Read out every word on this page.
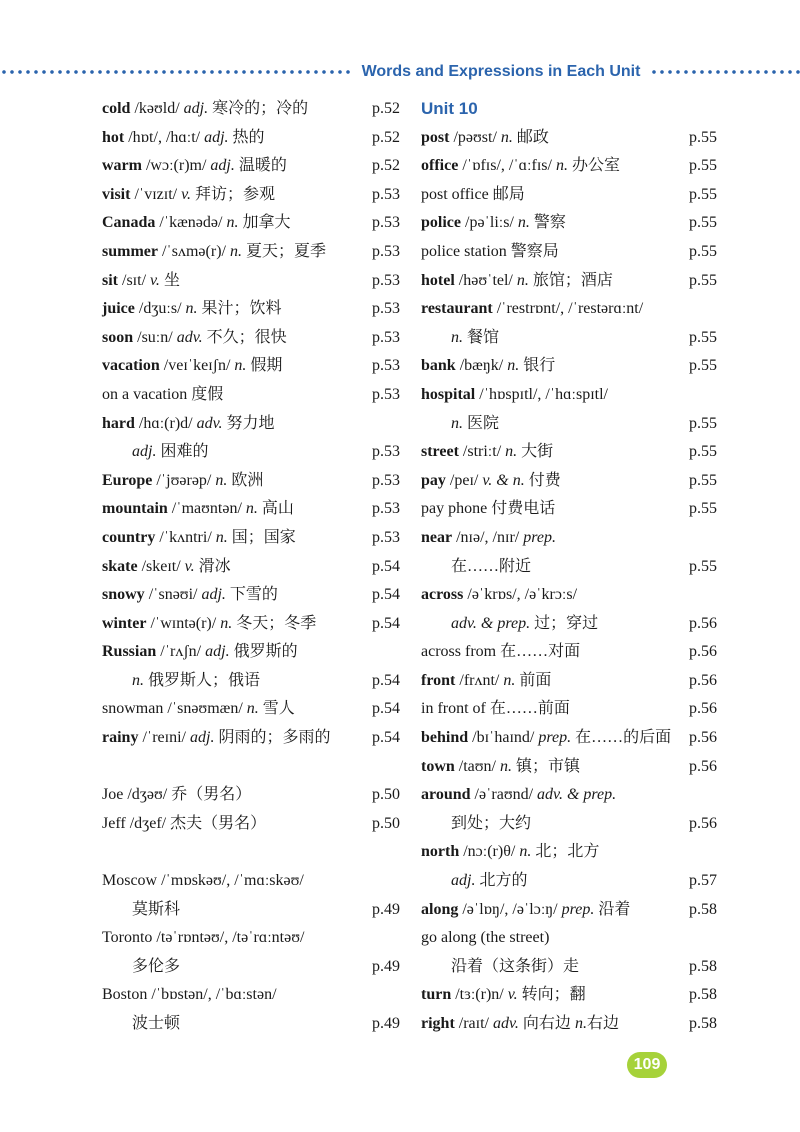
Words and Expressions in Each Unit
cold /kəʊld/ adj. 寒冷的；冷的	p.52
hot /hɒt/, /hɑːt/ adj. 热的	p.52
warm /wɔː(r)m/ adj. 温暖的	p.52
visit /ˈvɪzɪt/ v. 拜访；参观	p.53
Canada /ˈkænədə/ n. 加拿大	p.53
summer /ˈsʌmə(r)/ n. 夏天；夏季	p.53
sit /sɪt/ v. 坐	p.53
juice /dʒuːs/ n. 果汁；饮料	p.53
soon /suːn/ adv. 不久；很快	p.53
vacation /veɪˈkeɪʃn/ n. 假期	p.53
on a vacation 度假	p.53
hard /hɑː(r)d/ adv. 努力地
adj. 困难的	p.53
Europe /ˈjʊərəp/ n. 欧洲	p.53
mountain /ˈmaʊntən/ n. 高山	p.53
country /ˈkʌntri/ n. 国；国家	p.53
skate /skeɪt/ v. 滑冰	p.54
snowy /ˈsnəʊi/ adj. 下雪的	p.54
winter /ˈwɪntə(r)/ n. 冬天；冬季	p.54
Russian /ˈrʌʃn/ adj. 俄罗斯的
n. 俄罗斯人；俄语	p.54
snowman /ˈsnəʊmæn/ n. 雪人	p.54
rainy /ˈreɪni/ adj. 阴雨的；多雨的	p.54
Joe /dʒəʊ/ 乔（男名）	p.50
Jeff /dʒef/ 杰夫（男名）	p.50
Moscow /ˈmɒskəʊ/, /ˈmɑːskəʊ/
莫斯科	p.49
Toronto /təˈrɒntəʊ/, /təˈrɑːntəʊ/
多伦多	p.49
Boston /ˈbɒstən/, /ˈbɑːstən/
波士顿	p.49
Unit 10
post /pəʊst/ n. 邮政	p.55
office /ˈɒfɪs/, /ˈɑːfɪs/ n. 办公室	p.55
post office 邮局	p.55
police /pəˈliːs/ n. 警察	p.55
police station 警察局	p.55
hotel /həʊˈtel/ n. 旅馆；酒店	p.55
restaurant /ˈrestrɒnt/, /ˈrestərɑːnt/
n. 餐馆	p.55
bank /bæŋk/ n. 银行	p.55
hospital /ˈhɒspɪtl/, /ˈhɑːspɪtl/
n. 医院	p.55
street /striːt/ n. 大街	p.55
pay /peɪ/ v. & n. 付费	p.55
pay phone 付费电话	p.55
near /nɪə/, /nɪr/ prep.
在……附近	p.55
across /əˈkrɒs/, /əˈkrɔːs/
adv. & prep. 过；穿过	p.56
across from 在……对面	p.56
front /frʌnt/ n. 前面	p.56
in front of 在……前面	p.56
behind /bɪˈhaɪnd/ prep. 在……的后面 p.56
town /taʊn/ n. 镇；市镇	p.56
around /əˈraʊnd/ adv. & prep.
到处；大约	p.56
north /nɔː(r)θ/ n. 北；北方
adj. 北方的	p.57
along /əˈlɒŋ/, /əˈlɔːŋ/ prep. 沿着	p.58
go along (the street)
沿着（这条街）走	p.58
turn /tɜː(r)n/ v. 转向；翻	p.58
right /raɪt/ adv. 向右边 n.右边	p.58
109
